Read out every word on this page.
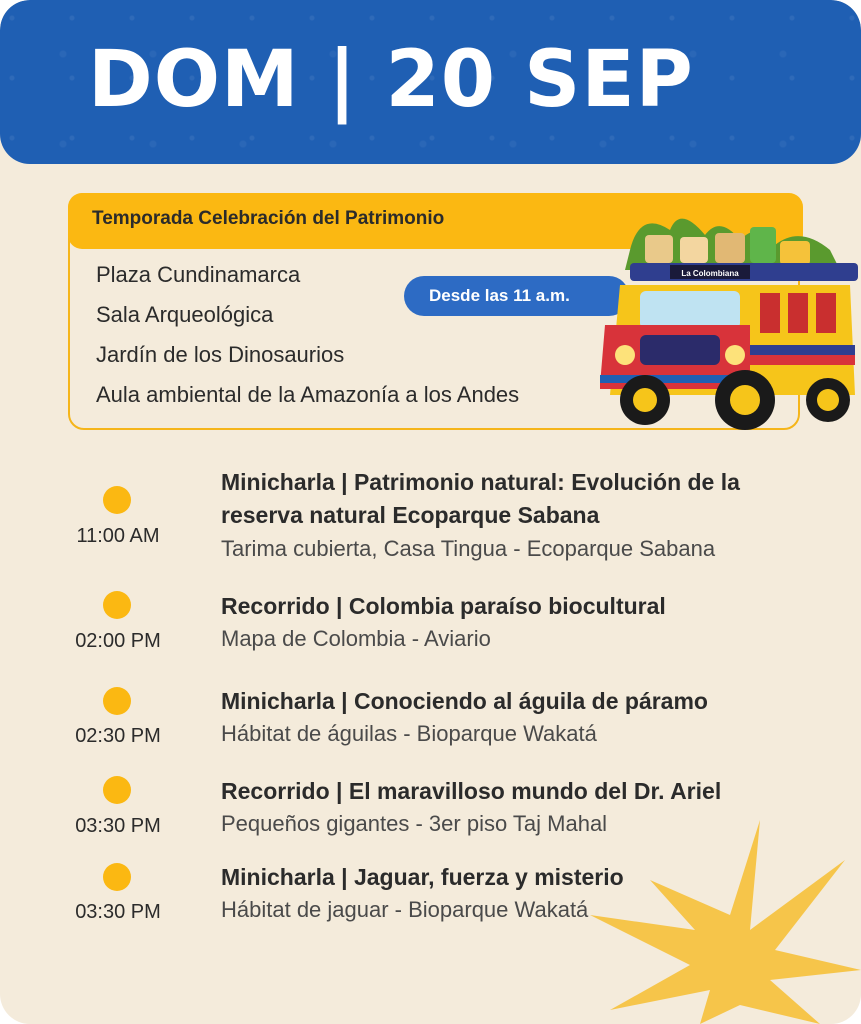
DOM | 20 SEP
Temporada Celebración del Patrimonio
Plaza Cundinamarca
Sala Arqueológica
Jardín de los Dinosaurios
Aula ambiental de la Amazonía a los Andes
Desde las 11 a.m.
La Colombiana
11:00 AM
Minicharla | Patrimonio natural: Evolución de la
reserva natural Ecoparque Sabana
Tarima cubierta, Casa Tingua - Ecoparque Sabana
02:00 PM
Recorrido | Colombia paraíso biocultural
Mapa de Colombia - Aviario
02:30 PM
Minicharla | Conociendo al águila de páramo
Hábitat de águilas - Bioparque Wakatá
03:30 PM
Recorrido | El maravilloso mundo del Dr. Ariel
Pequeños gigantes - 3er piso Taj Mahal
03:30 PM
Minicharla | Jaguar, fuerza y misterio
Hábitat de jaguar - Bioparque Wakatá
